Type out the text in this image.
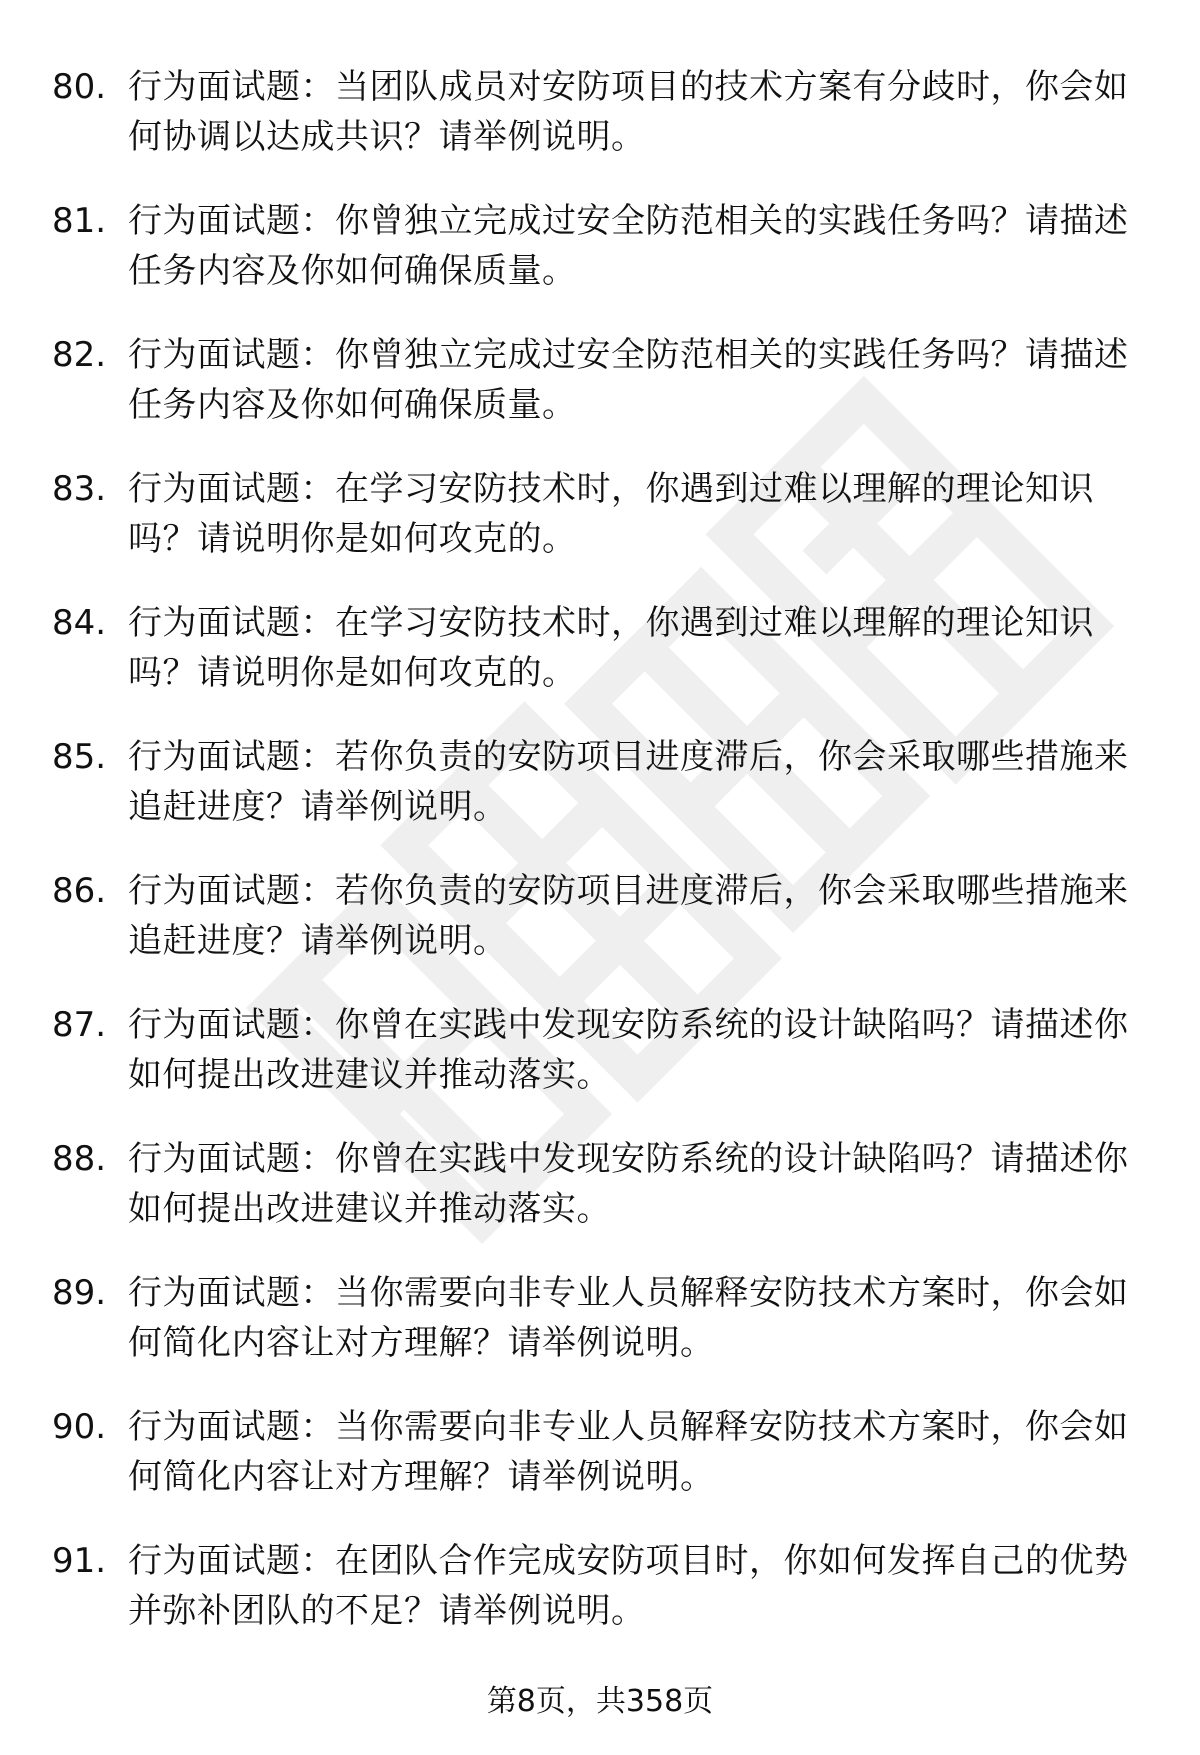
80. 行为面试题：当团队成员对安防项目的技术方案有分歧时，你会如何协调以达成共识？请举例说明。
81. 行为面试题：你曾独立完成过安全防范相关的实践任务吗？请描述任务内容及你如何确保质量。
82. 行为面试题：你曾独立完成过安全防范相关的实践任务吗？请描述任务内容及你如何确保质量。
83. 行为面试题：在学习安防技术时，你遇到过难以理解的理论知识吗？请说明你是如何攻克的。
84. 行为面试题：在学习安防技术时，你遇到过难以理解的理论知识吗？请说明你是如何攻克的。
85. 行为面试题：若你负责的安防项目进度滞后，你会采取哪些措施来追赶进度？请举例说明。
86. 行为面试题：若你负责的安防项目进度滞后，你会采取哪些措施来追赶进度？请举例说明。
87. 行为面试题：你曾在实践中发现安防系统的设计缺陷吗？请描述你如何提出改进建议并推动落实。
88. 行为面试题：你曾在实践中发现安防系统的设计缺陷吗？请描述你如何提出改进建议并推动落实。
89. 行为面试题：当你需要向非专业人员解释安防技术方案时，你会如何简化内容让对方理解？请举例说明。
90. 行为面试题：当你需要向非专业人员解释安防技术方案时，你会如何简化内容让对方理解？请举例说明。
91. 行为面试题：在团队合作完成安防项目时，你如何发挥自己的优势并弥补团队的不足？请举例说明。
第8页，共358页
